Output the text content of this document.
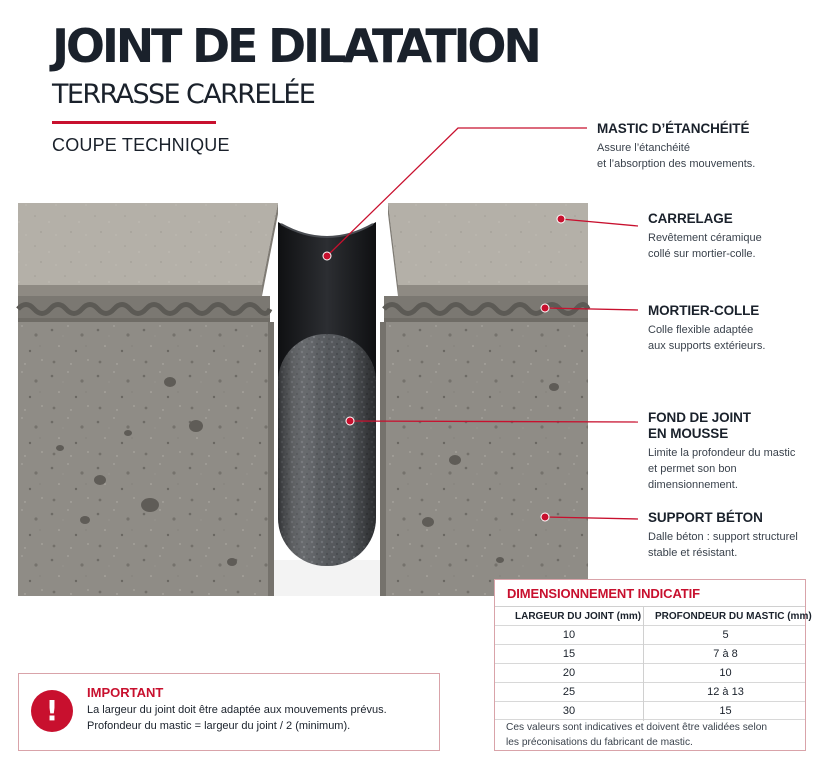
JOINT DE DILATATION
TERRASSE CARRELÉE
COUPE TECHNIQUE
MASTIC D’ÉTANCHÉITÉ
Assure l’étanchéité
et l’absorption des mouvements.
CARRELAGE
Revêtement céramique
collé sur mortier-colle.
MORTIER-COLLE
Colle flexible adaptée
aux supports extérieurs.
FOND DE JOINT
EN MOUSSE
Limite la profondeur du mastic
et permet son bon dimensionnement.
SUPPORT BÉTON
Dalle béton : support structurel
stable et résistant.
DIMENSIONNEMENT INDICATIF
LARGEUR DU JOINT (mm) PROFONDEUR DU MASTIC (mm)
10	5
15	7 à 8
20	10
25	12 à 13
30	15
Ces valeurs sont indicatives et doivent être validées selon
les préconisations du fabricant de mastic.
!
IMPORTANT
La largeur du joint doit être adaptée aux mouvements prévus.
Profondeur du mastic = largeur du joint / 2 (minimum).
